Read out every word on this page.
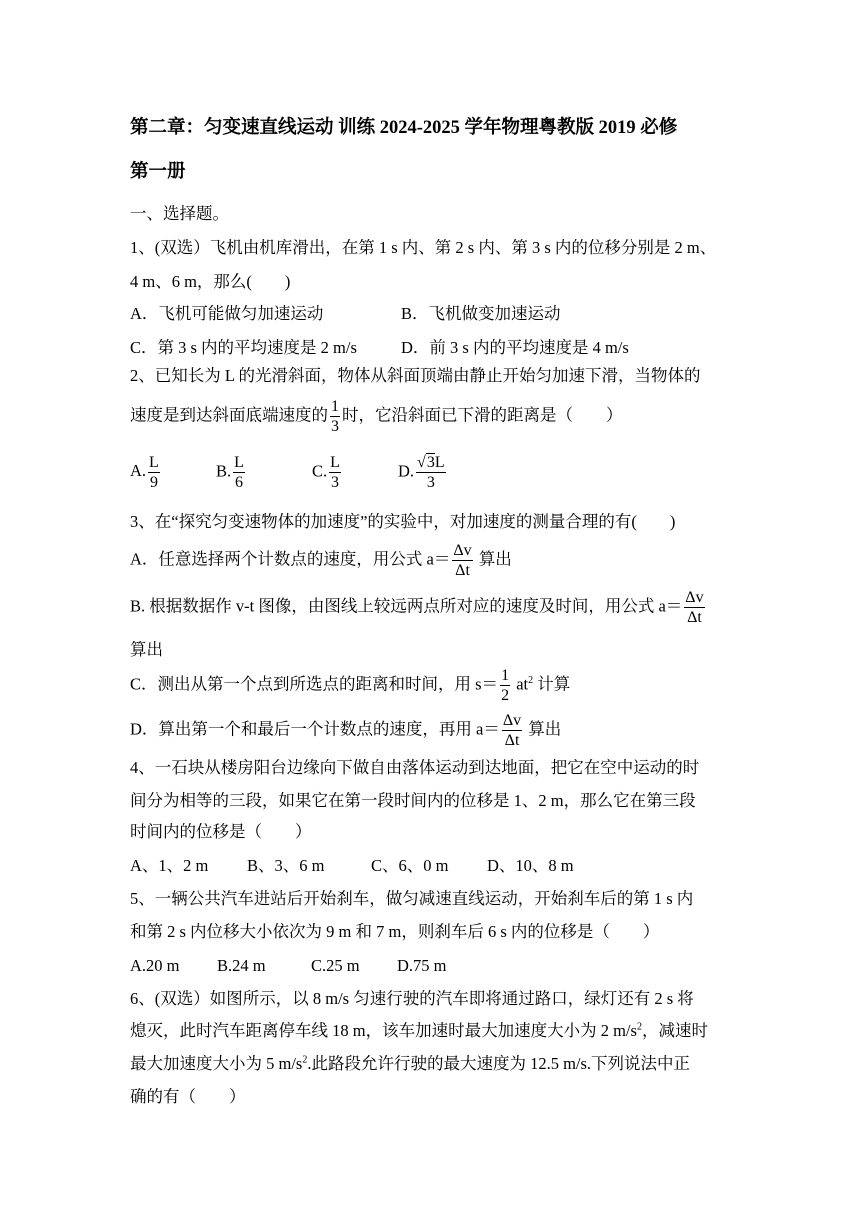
第二章：匀变速直线运动 训练 2024-2025 学年物理粤教版 2019 必修
第一册
一、选择题。
1、(双选）飞机由机库滑出，在第 1 s 内、第 2 s 内、第 3 s 内的位移分别是 2 m、
4 m、6 m，那么(　　)
A．飞机可能做匀加速运动	B．飞机做变加速运动
C．第 3 s 内的平均速度是 2 m/s	D．前 3 s 内的平均速度是 4 m/s
2、已知长为 L 的光滑斜面，物体从斜面顶端由静止开始匀加速下滑，当物体的
速度是到达斜面底端速度的 $\frac{1}{3}$ 时，它沿斜面已下滑的距离是（　　）
A. $\frac{L}{9}$	B. $\frac{L}{6}$	C. $\frac{L}{3}$	D. $\frac{√3L}{3}$
3、在“探究匀变速物体的加速度”的实验中，对加速度的测量合理的有(　　)
A．任意选择两个计数点的速度，用公式 $a= \frac{\Delta v}{\Delta t}$ 算出
B. 根据数据作 v-t 图像，由图线上较远两点所对应的速度及时间，用公式 $a= \frac{\Delta v}{\Delta t}$
算出
C．测出从第一个点到所选点的距离和时间，用 $s= \frac{1}{2} at^2$ 计算
D．算出第一个和最后一个计数点的速度，再用 $a= \frac{\Delta v}{\Delta t}$ 算出
4、一石块从楼房阳台边缘向下做自由落体运动到达地面，把它在空中运动的时
间分为相等的三段，如果它在第一段时间内的位移是 1、2 m，那么它在第三段
时间内的位移是（　　）
A、1、2 m B、3、6 m	C、6、0 m D、10、8 m
5、一辆公共汽车进站后开始刹车，做匀减速直线运动，开始刹车后的第 1 s 内
和第 2 s 内位移大小依次为 9 m 和 7 m，则刹车后 6 s 内的位移是（　　）
A.20 m B.24 m	C.25 m D.75 m
6、(双选）如图所示，以 8 m/s 匀速行驶的汽车即将通过路口，绿灯还有 2 s 将
熄灭，此时汽车距离停车线 18 m，该车加速时最大加速度大小为 2 $m/s^2$，减速时
最大加速度大小为 5 $m/s^2$.此路段允许行驶的最大速度为 12.5 m/s.下列说法中正
确的有（　　）
